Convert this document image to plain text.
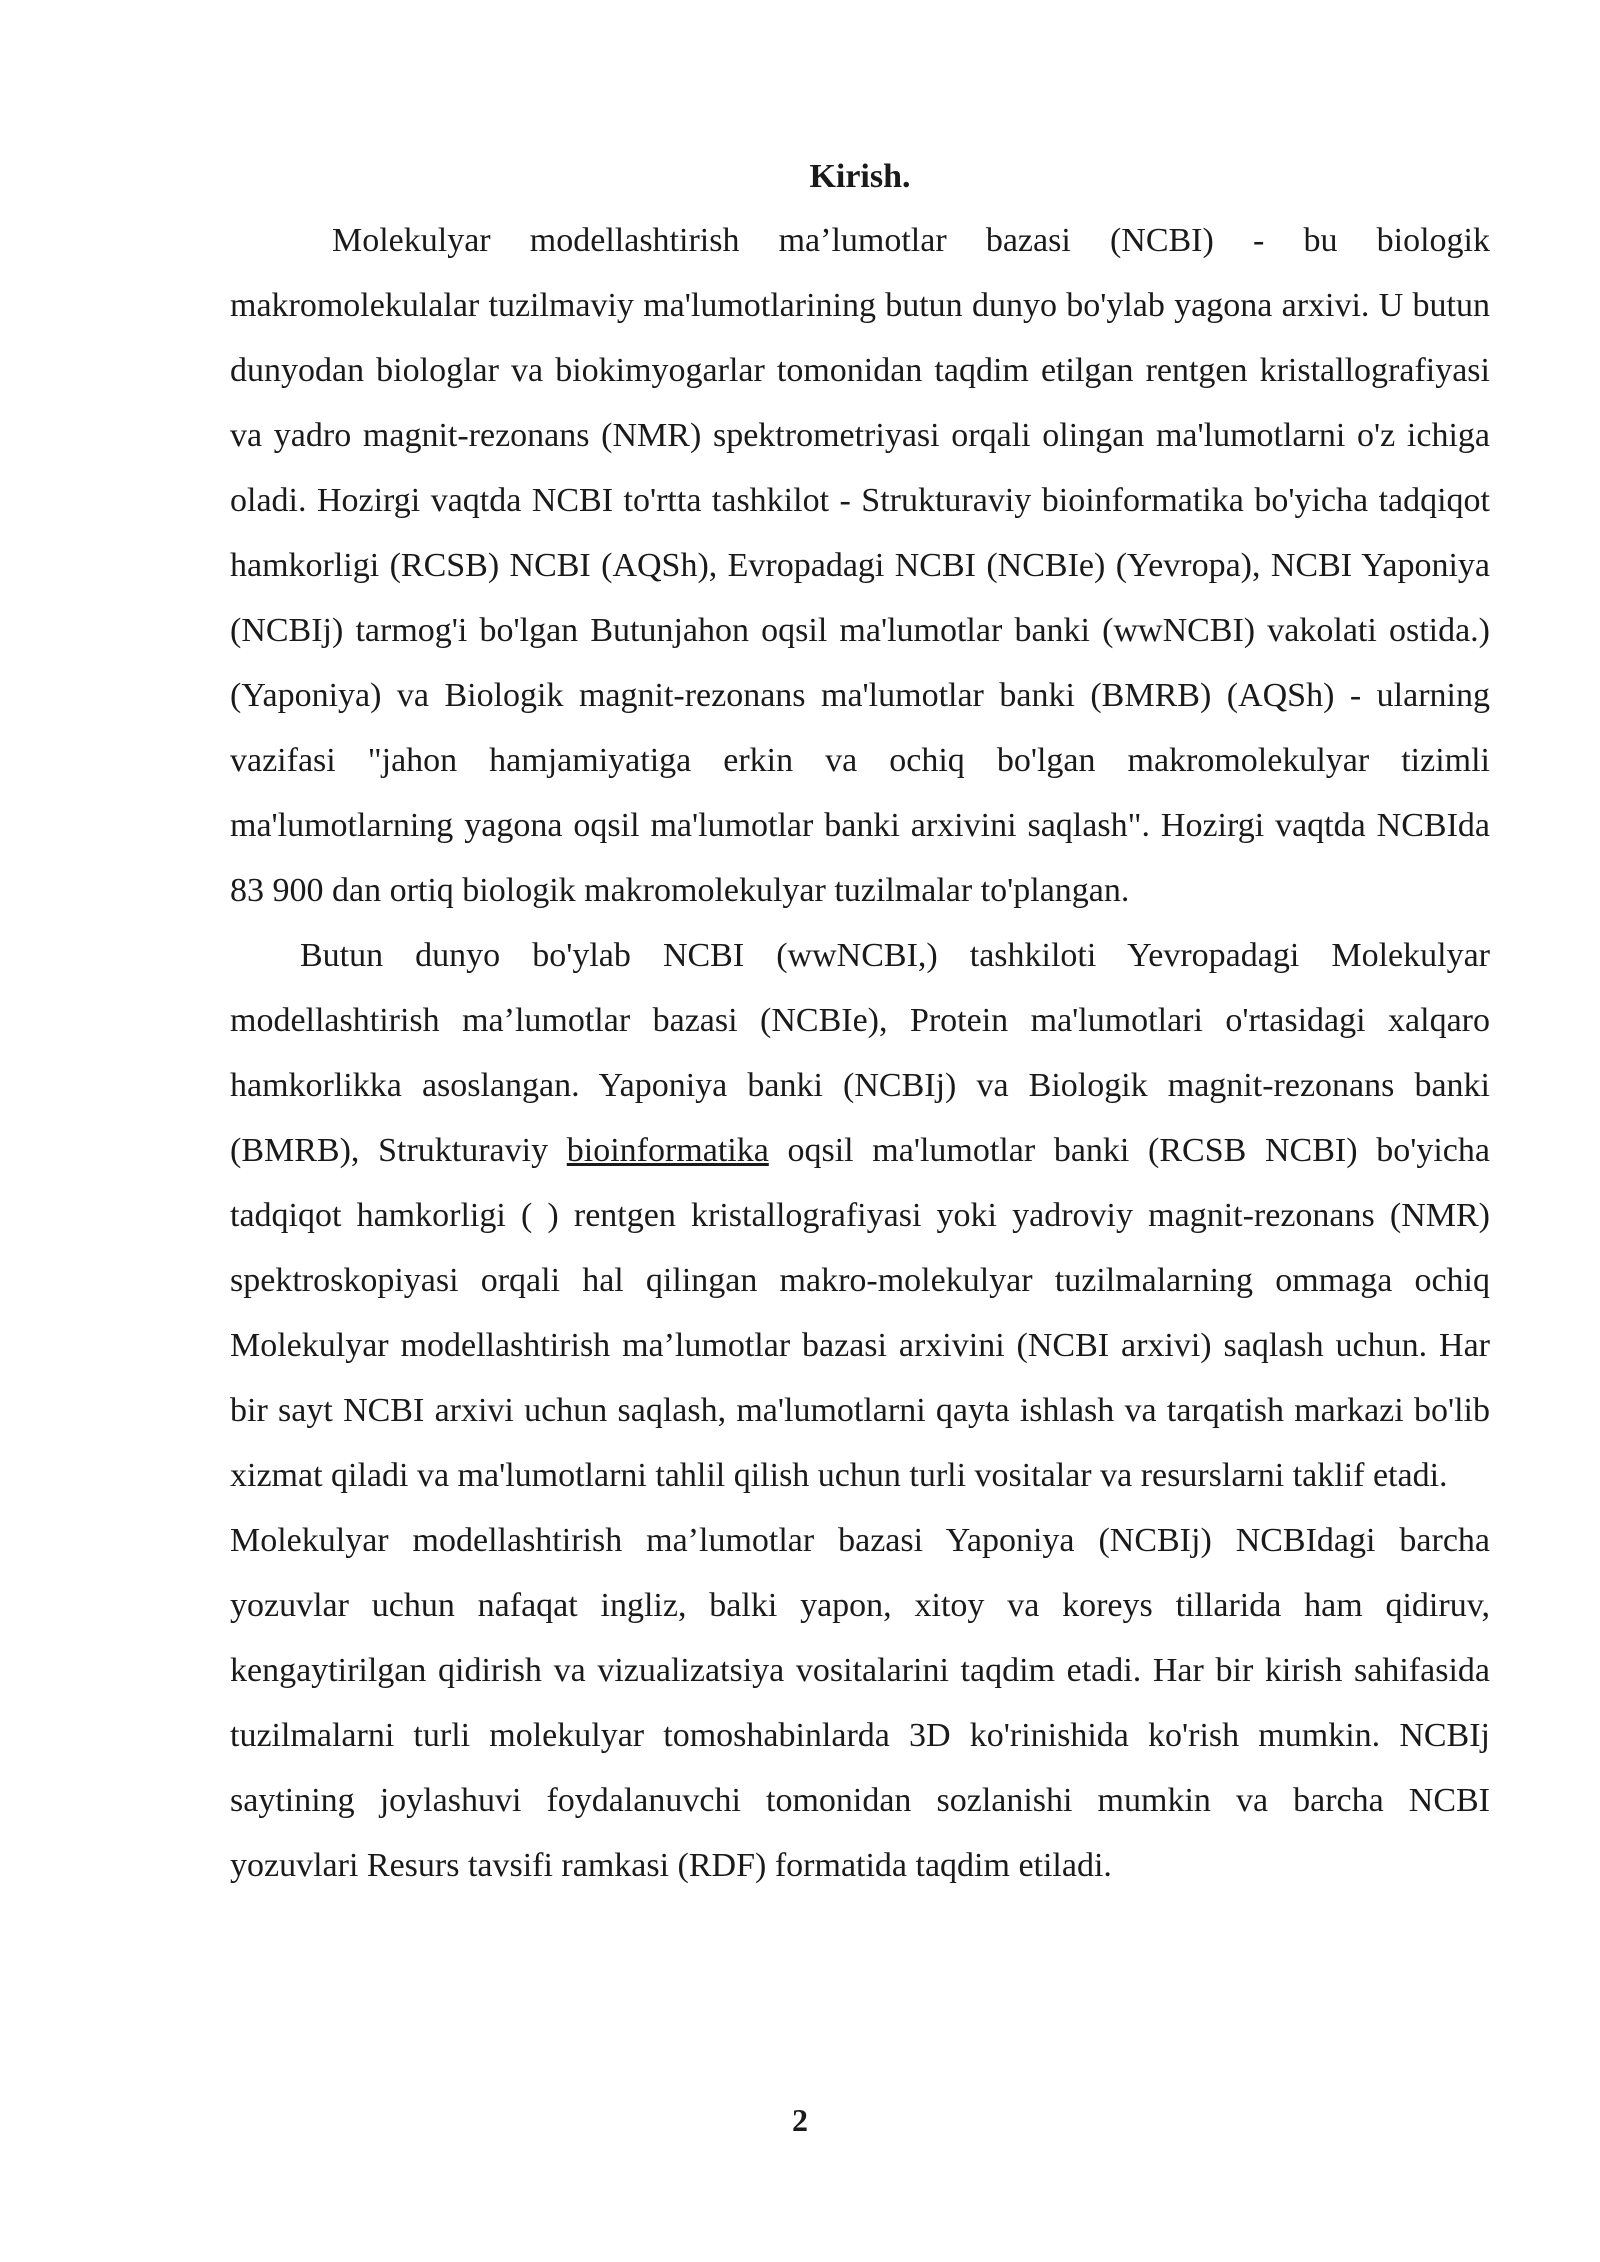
Kirish.

Molekulyar modellashtirish ma’lumotlar bazasi (NCBI) - bu biologik makromolekulalar tuzilmaviy ma'lumotlarining butun dunyo bo'ylab yagona arxivi. U butun dunyodan biologlar va biokimyogarlar tomonidan taqdim etilgan rentgen kristallografiyasi va yadro magnit-rezonans (NMR) spektrometriyasi orqali olingan ma'lumotlarni o'z ichiga oladi. Hozirgi vaqtda NCBI to'rtta tashkilot - Strukturaviy bioinformatika bo'yicha tadqiqot hamkorligi (RCSB) NCBI (AQSh), Evropadagi NCBI (NCBIe) (Yevropa), NCBI Yaponiya (NCBIj) tarmog'i bo'lgan Butunjahon oqsil ma'lumotlar banki (wwNCBI) vakolati ostida.) (Yaponiya) va Biologik magnit-rezonans ma'lumotlar banki (BMRB) (AQSh) - ularning vazifasi "jahon hamjamiyatiga erkin va ochiq bo'lgan makromolekulyar tizimli ma'lumotlarning yagona oqsil ma'lumotlar banki arxivini saqlash". Hozirgi vaqtda NCBIda 83 900 dan ortiq biologik makromolekulyar tuzilmalar to'plangan.

Butun dunyo bo'ylab NCBI (wwNCBI,) tashkiloti Yevropadagi Molekulyar modellashtirish ma’lumotlar bazasi (NCBIe), Protein ma'lumotlari o'rtasidagi xalqaro hamkorlikka asoslangan. Yaponiya banki (NCBIj) va Biologik magnit-rezonans banki (BMRB), Strukturaviy bioinformatika oqsil ma'lumotlar banki (RCSB NCBI) bo'yicha tadqiqot hamkorligi ( ) rentgen kristallografiyasi yoki yadroviy magnit-rezonans (NMR) spektroskopiyasi orqali hal qilingan makro-molekulyar tuzilmalarning ommaga ochiq Molekulyar modellashtirish ma’lumotlar bazasi arxivini (NCBI arxivi) saqlash uchun. Har bir sayt NCBI arxivi uchun saqlash, ma'lumotlarni qayta ishlash va tarqatish markazi bo'lib xizmat qiladi va ma'lumotlarni tahlil qilish uchun turli vositalar va resurslarni taklif etadi.

Molekulyar modellashtirish ma’lumotlar bazasi Yaponiya (NCBIj) NCBIdagi barcha yozuvlar uchun nafaqat ingliz, balki yapon, xitoy va koreys tillarida ham qidiruv, kengaytirilgan qidirish va vizualizatsiya vositalarini taqdim etadi. Har bir kirish sahifasida tuzilmalarni turli molekulyar tomoshabinlarda 3D ko'rinishida ko'rish mumkin. NCBIj saytining joylashuvi foydalanuvchi tomonidan sozlanishi mumkin va barcha NCBI yozuvlari Resurs tavsifi ramkasi (RDF) formatida taqdim etiladi.

2
